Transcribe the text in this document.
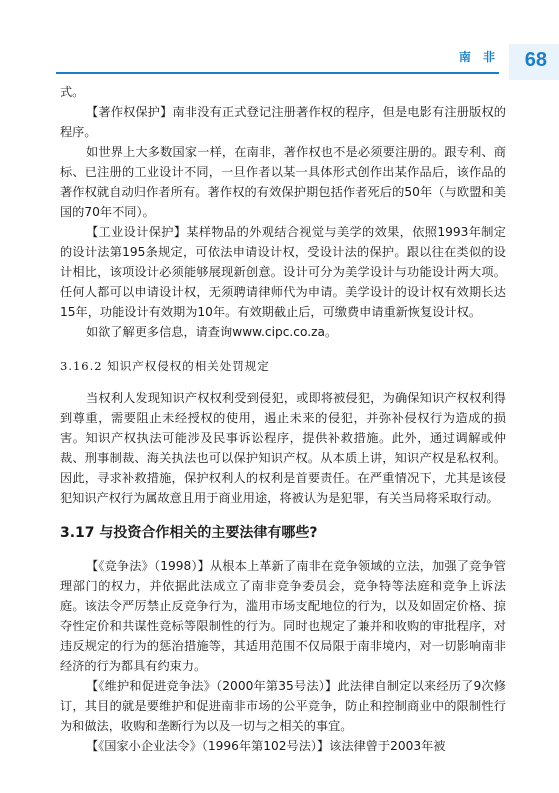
南 非 68

式。

【著作权保护】南非没有正式登记注册著作权的程序，但是电影有注册版权的程序。

如世界上大多数国家一样，在南非，著作权也不是必须要注册的。跟专利、商标、已注册的工业设计不同，一旦作者以某一具体形式创作出某作品后，该作品的著作权就自动归作者所有。著作权的有效保护期包括作者死后的50年（与欧盟和美国的70年不同）。

【工业设计保护】某样物品的外观结合视觉与美学的效果，依照1993年制定的设计法第195条规定，可依法申请设计权，受设计法的保护。跟以往在类似的设计相比，该项设计必须能够展现新创意。设计可分为美学设计与功能设计两大项。任何人都可以申请设计权，无须聘请律师代为申请。美学设计的设计权有效期长达15年，功能设计有效期为10年。有效期截止后，可缴费申请重新恢复设计权。

如欲了解更多信息，请查询www.cipc.co.za。

3.16.2 知识产权侵权的相关处罚规定

当权利人发现知识产权权利受到侵犯，或即将被侵犯，为确保知识产权权利得到尊重，需要阻止未经授权的使用，遏止未来的侵犯，并弥补侵权行为造成的损害。知识产权执法可能涉及民事诉讼程序，提供补救措施。此外，通过调解或仲裁、刑事制裁、海关执法也可以保护知识产权。从本质上讲，知识产权是私权利。因此，寻求补救措施，保护权利人的权利是首要责任。在严重情况下，尤其是该侵犯知识产权行为属故意且用于商业用途，将被认为是犯罪，有关当局将采取行动。

3.17 与投资合作相关的主要法律有哪些?

【《竞争法》（1998）】从根本上革新了南非在竞争领域的立法，加强了竞争管理部门的权力，并依据此法成立了南非竞争委员会，竞争特等法庭和竞争上诉法庭。该法令严厉禁止反竞争行为，滥用市场支配地位的行为，以及如固定价格、掠夺性定价和共谋性竞标等限制性的行为。同时也规定了兼并和收购的审批程序，对违反规定的行为的惩治措施等，其适用范围不仅局限于南非境内，对一切影响南非经济的行为都具有约束力。

【《维护和促进竞争法》（2000年第35号法）】此法律自制定以来经历了9次修订，其目的就是要维护和促进南非市场的公平竞争，防止和控制商业中的限制性行为和做法，收购和垄断行为以及一切与之相关的事宜。

【《国家小企业法令》（1996年第102号法）】该法律曾于2003年被
